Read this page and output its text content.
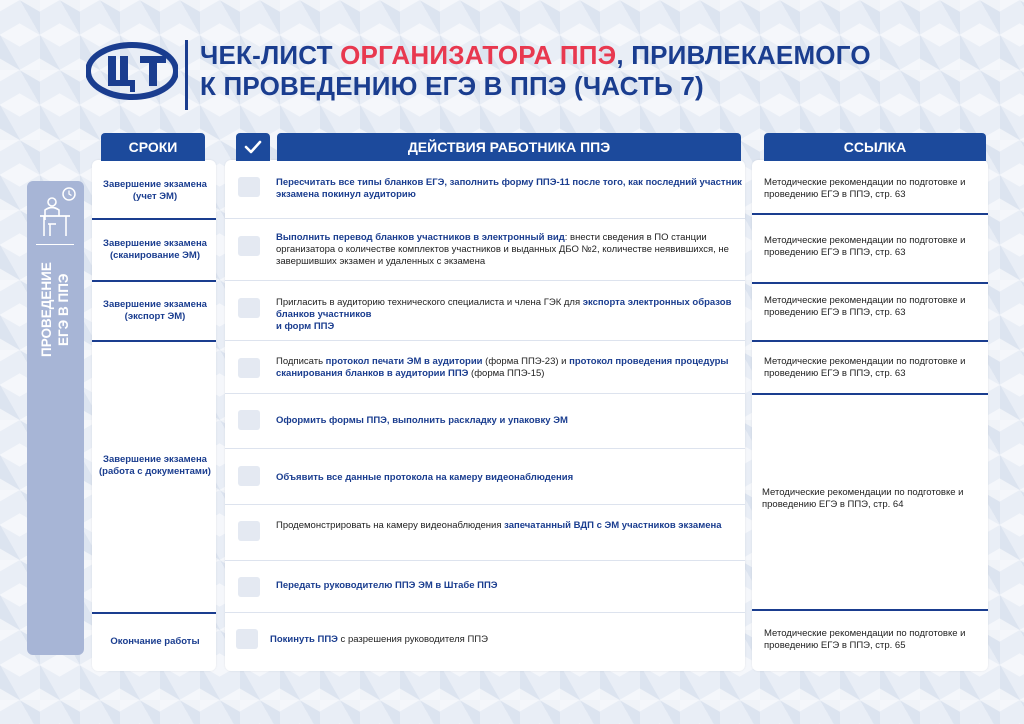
ЧЕК-ЛИСТ ОРГАНИЗАТОРА ППЭ, ПРИВЛЕКАЕМОГО
К ПРОВЕДЕНИЮ ЕГЭ В ППЭ (ЧАСТЬ 7)
СРОКИ	ДЕЙСТВИЯ РАБОТНИКА ППЭ	ССЫЛКА
ПРОВЕДЕНИЕ ЕГЭ В ППЭ
Завершение экзамена (учет ЭМ)
Завершение экзамена (сканирование ЭМ)
Завершение экзамена (экспорт ЭМ)
Завершение экзамена (работа с документами)
Окончание работы
Пересчитать все типы бланков ЕГЭ, заполнить форму ППЭ-11 после того, как последний участник экзамена покинул аудиторию
Выполнить перевод бланков участников в электронный вид: внести сведения в ПО станции организатора о количестве комплектов участников и выданных ДБО №2, количестве неявившихся, не завершивших экзамен и удаленных с экзамена
Пригласить в аудиторию технического специалиста и члена ГЭК для экспорта электронных образов бланков участников
и форм ППЭ
Подписать протокол печати ЭМ в аудитории (форма ППЭ-23) и протокол проведения процедуры сканирования бланков в аудитории ППЭ (форма ППЭ-15)
Оформить формы ППЭ, выполнить раскладку и упаковку ЭМ
Объявить все данные протокола на камеру видеонаблюдения
Продемонстрировать на камеру видеонаблюдения запечатанный ВДП с ЭМ участников экзамена
Передать руководителю ППЭ ЭМ в Штабе ППЭ
Покинуть ППЭ с разрешения руководителя ППЭ
Методические рекомендации по подготовке и проведению ЕГЭ в ППЭ, стр. 63
Методические рекомендации по подготовке и проведению ЕГЭ в ППЭ, стр. 63
Методические рекомендации по подготовке и проведению ЕГЭ в ППЭ, стр. 63
Методические рекомендации по подготовке и проведению ЕГЭ в ППЭ, стр. 63
Методические рекомендации по подготовке и проведению ЕГЭ в ППЭ, стр. 64
Методические рекомендации по подготовке и проведению ЕГЭ в ППЭ, стр. 65
